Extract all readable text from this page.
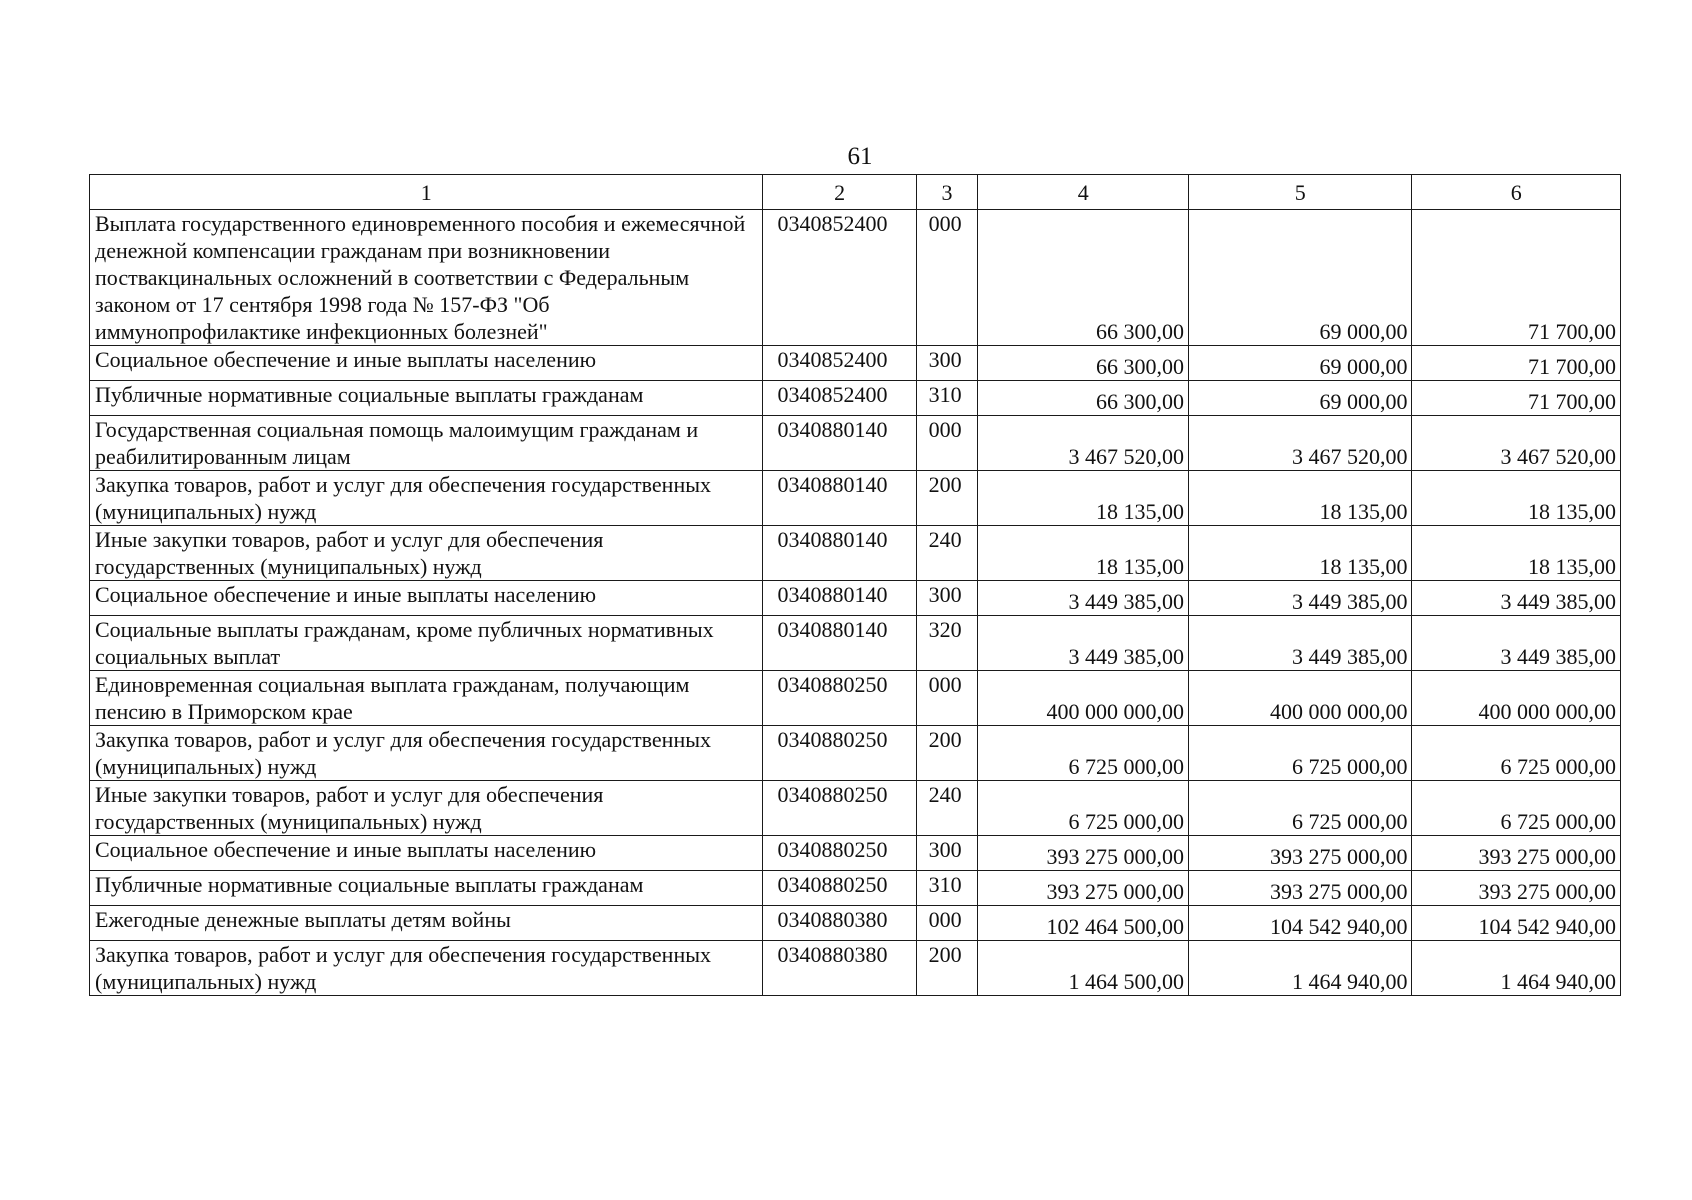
61
1	2	3	4	5	6
Выплата государственного единовременного пособия и ежемесячной денежной компенсации гражданам при возникновении поствакцинальных осложнений в соответствии с Федеральным законом от 17 сентября 1998 года № 157-ФЗ "Об иммунопрофилактике инфекционных болезней"	0340852400	000	66 300,00	69 000,00	71 700,00
Социальное обеспечение и иные выплаты населению	0340852400	300	66 300,00	69 000,00	71 700,00
Публичные нормативные социальные выплаты гражданам	0340852400	310	66 300,00	69 000,00	71 700,00
Государственная социальная помощь малоимущим гражданам и реабилитированным лицам	0340880140	000	3 467 520,00	3 467 520,00	3 467 520,00
Закупка товаров, работ и услуг для обеспечения государственных (муниципальных) нужд	0340880140	200	18 135,00	18 135,00	18 135,00
Иные закупки товаров, работ и услуг для обеспечения государственных (муниципальных) нужд	0340880140	240	18 135,00	18 135,00	18 135,00
Социальное обеспечение и иные выплаты населению	0340880140	300	3 449 385,00	3 449 385,00	3 449 385,00
Социальные выплаты гражданам, кроме публичных нормативных социальных выплат	0340880140	320	3 449 385,00	3 449 385,00	3 449 385,00
Единовременная социальная выплата гражданам, получающим пенсию в Приморском крае	0340880250	000	400 000 000,00	400 000 000,00	400 000 000,00
Закупка товаров, работ и услуг для обеспечения государственных (муниципальных) нужд	0340880250	200	6 725 000,00	6 725 000,00	6 725 000,00
Иные закупки товаров, работ и услуг для обеспечения государственных (муниципальных) нужд	0340880250	240	6 725 000,00	6 725 000,00	6 725 000,00
Социальное обеспечение и иные выплаты населению	0340880250	300	393 275 000,00	393 275 000,00	393 275 000,00
Публичные нормативные социальные выплаты гражданам	0340880250	310	393 275 000,00	393 275 000,00	393 275 000,00
Ежегодные денежные выплаты детям войны	0340880380	000	102 464 500,00	104 542 940,00	104 542 940,00
Закупка товаров, работ и услуг для обеспечения государственных (муниципальных) нужд	0340880380	200	1 464 500,00	1 464 940,00	1 464 940,00
